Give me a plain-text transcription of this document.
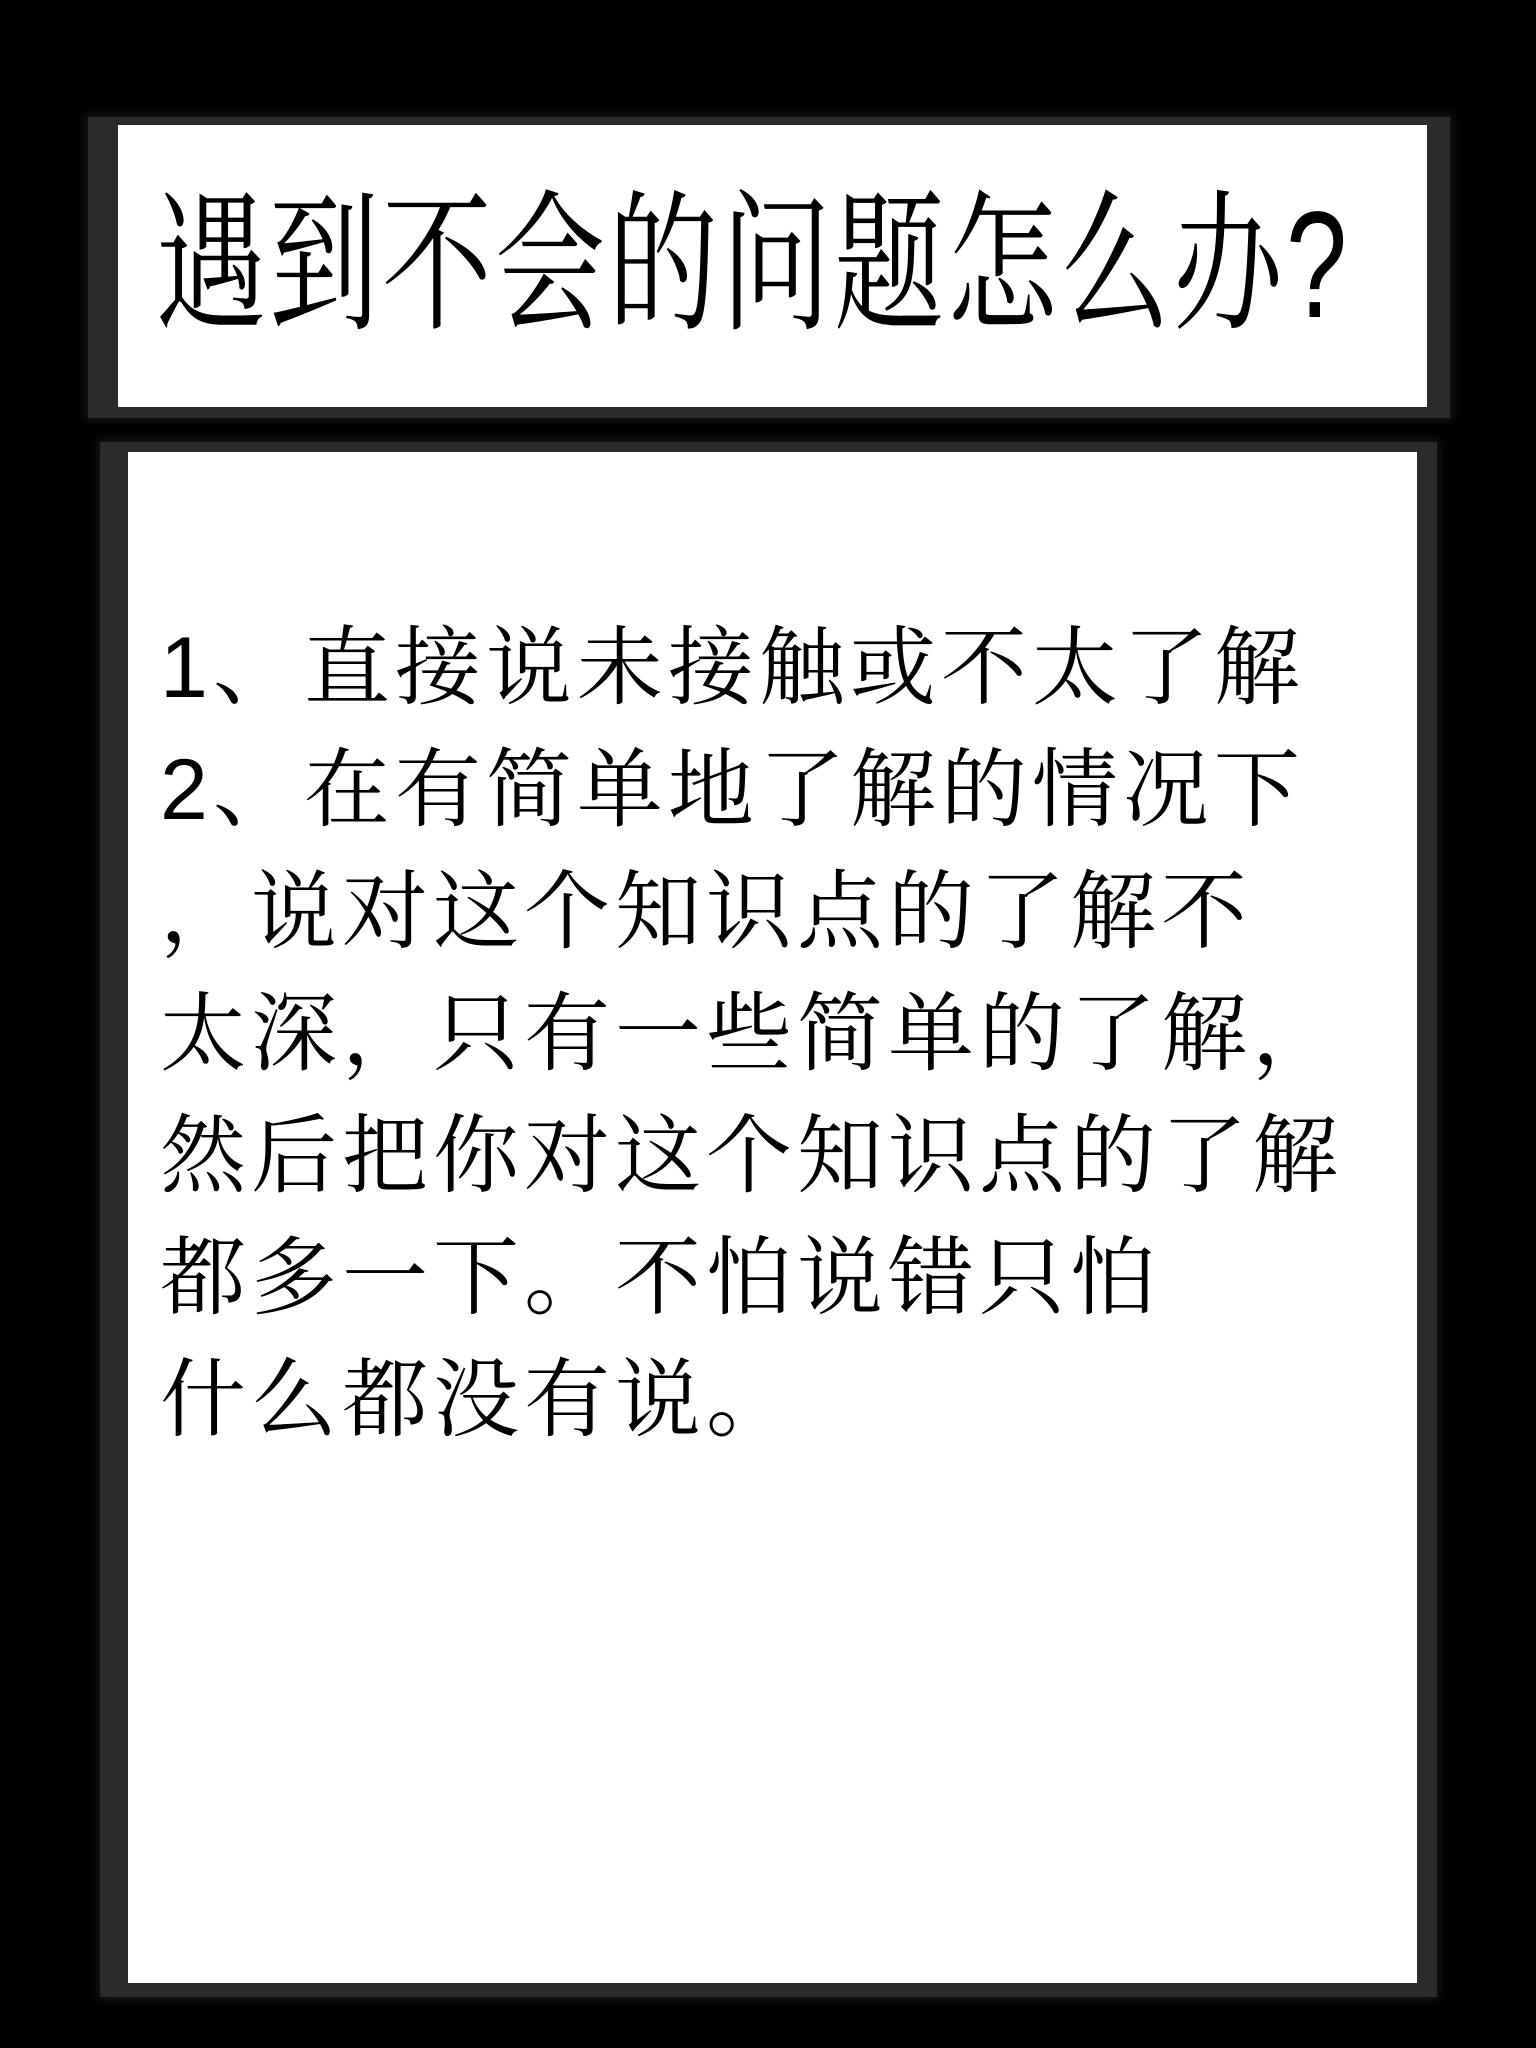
遇到不会的问题怎么办?
1、直接说未接触或不太了解
2、在有简单地了解的情况下
，说对这个知识点的了解不
太深，只有一些简单的了解，
然后把你对这个知识点的了解
都多一下。不怕说错只怕
什么都没有说。
